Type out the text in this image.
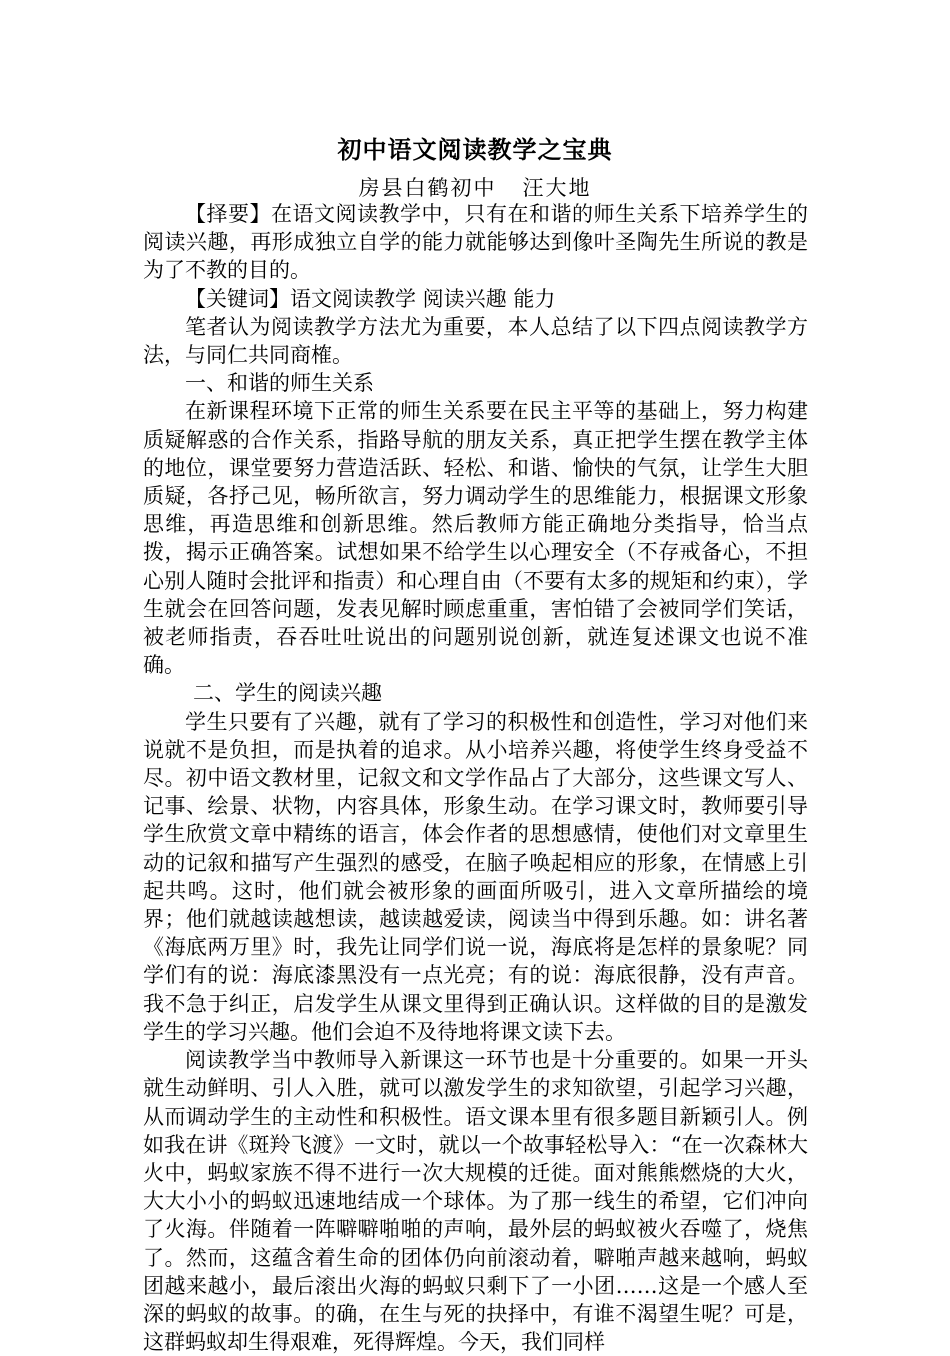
初中语文阅读教学之宝典
房县白鹤初中 汪大地

【择要】在语文阅读教学中，只有在和谐的师生关系下培养学生的阅读兴趣，再形成独立自学的能力就能够达到像叶圣陶先生所说的教是为了不教的目的。

【关键词】语文阅读教学 阅读兴趣 能力

笔者认为阅读教学方法尤为重要，本人总结了以下四点阅读教学方法，与同仁共同商榷。

一、和谐的师生关系

在新课程环境下正常的师生关系要在民主平等的基础上，努力构建质疑解惑的合作关系，指路导航的朋友关系，真正把学生摆在教学主体的地位，课堂要努力营造活跃、轻松、和谐、愉快的气氛，让学生大胆质疑，各抒己见，畅所欲言，努力调动学生的思维能力，根据课文形象思维，再造思维和创新思维。然后教师方能正确地分类指导，恰当点拨，揭示正确答案。试想如果不给学生以心理安全（不存戒备心，不担心别人随时会批评和指责）和心理自由（不要有太多的规矩和约束），学生就会在回答问题，发表见解时顾虑重重，害怕错了会被同学们笑话，被老师指责，吞吞吐吐说出的问题别说创新，就连复述课文也说不准确。

二、学生的阅读兴趣

学生只要有了兴趣，就有了学习的积极性和创造性，学习对他们来说就不是负担，而是执着的追求。从小培养兴趣，将使学生终身受益不尽。初中语文教材里，记叙文和文学作品占了大部分，这些课文写人、记事、绘景、状物，内容具体，形象生动。在学习课文时，教师要引导学生欣赏文章中精练的语言，体会作者的思想感情，使他们对文章里生动的记叙和描写产生强烈的感受，在脑子唤起相应的形象，在情感上引起共鸣。这时，他们就会被形象的画面所吸引，进入文章所描绘的境界；他们就越读越想读，越读越爱读，阅读当中得到乐趣。如：讲名著《海底两万里》时，我先让同学们说一说，海底将是怎样的景象呢？同学们有的说：海底漆黑没有一点光亮；有的说：海底很静，没有声音。我不急于纠正，启发学生从课文里得到正确认识。这样做的目的是激发学生的学习兴趣。他们会迫不及待地将课文读下去。

阅读教学当中教师导入新课这一环节也是十分重要的。如果一开头就生动鲜明、引人入胜，就可以激发学生的求知欲望，引起学习兴趣，从而调动学生的主动性和积极性。语文课本里有很多题目新颖引人。例如我在讲《斑羚飞渡》一文时，就以一个故事轻松导入：“在一次森林大火中，蚂蚁家族不得不进行一次大规模的迁徙。面对熊熊燃烧的大火，大大小小的蚂蚁迅速地结成一个球体。为了那一线生的希望，它们冲向了火海。伴随着一阵噼噼啪啪的声响，最外层的蚂蚁被火吞噬了，烧焦了。然而，这蕴含着生命的团体仍向前滚动着，噼啪声越来越响，蚂蚁团越来越小，最后滚出火海的蚂蚁只剩下了一小团……这是一个感人至深的蚂蚁的故事。的确，在生与死的抉择中，有谁不渴望生呢？可是，这群蚂蚁却生得艰难，死得辉煌。今天，我们同样
